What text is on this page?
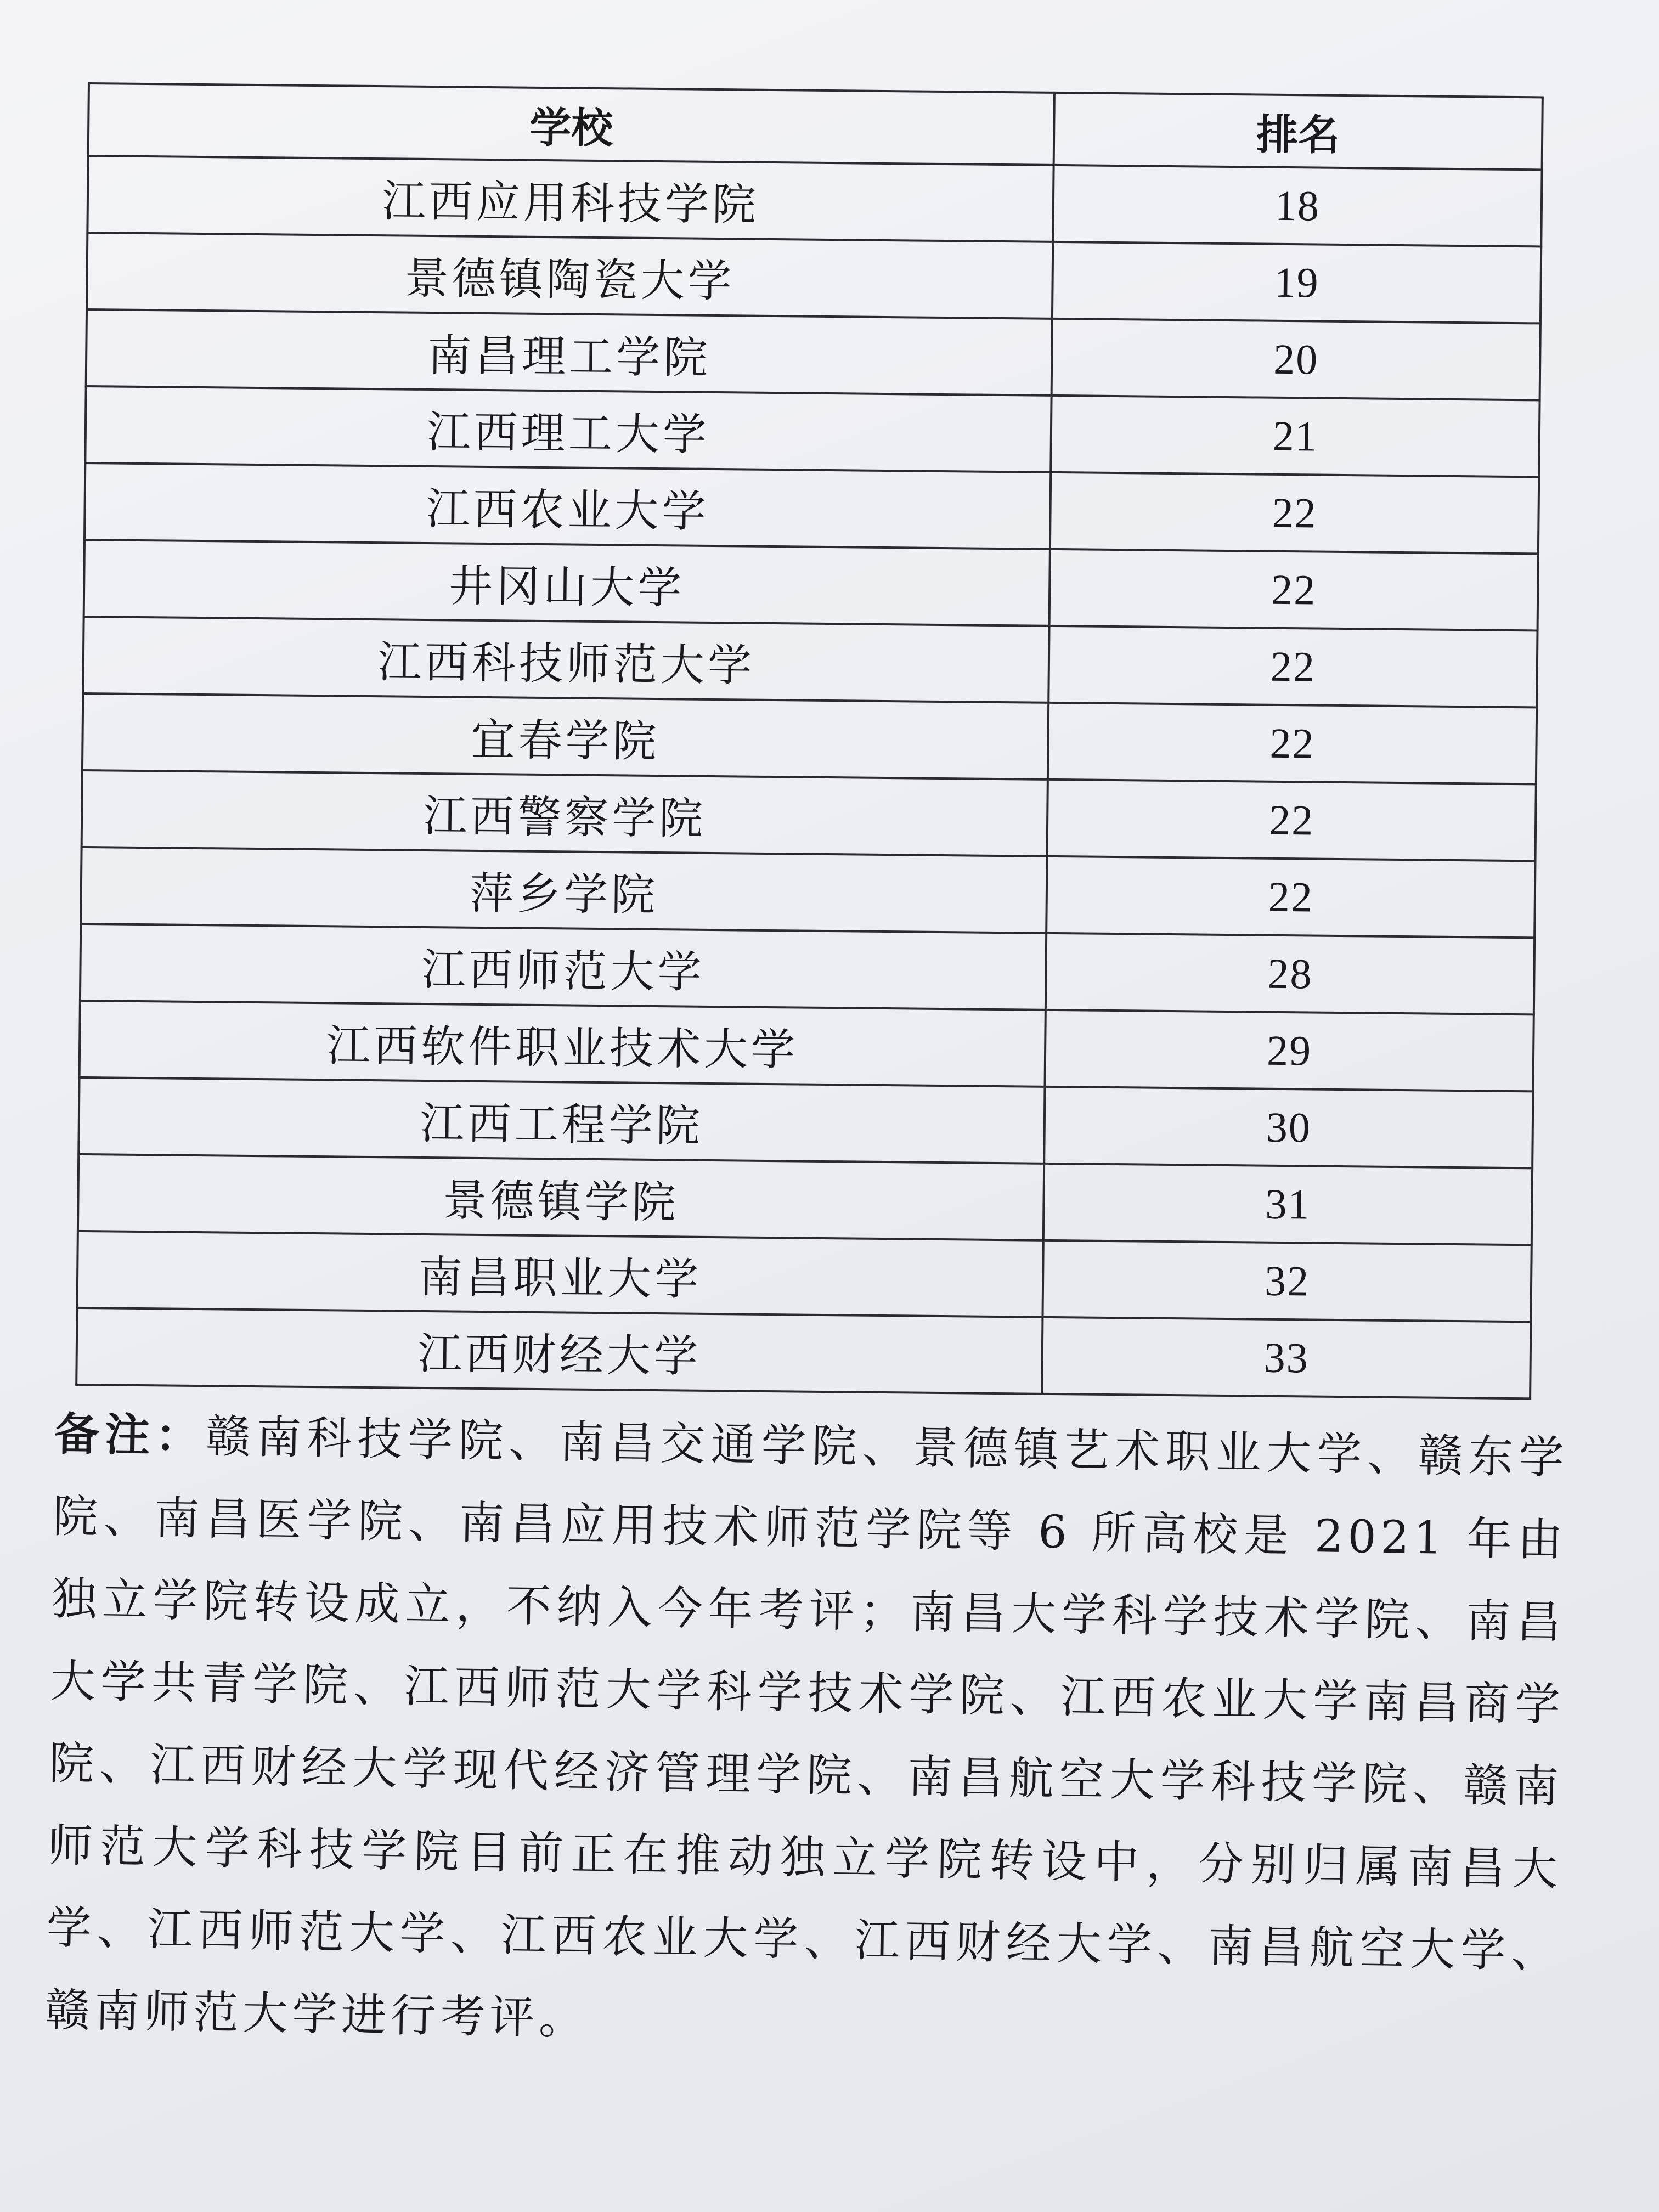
学校	排名
江西应用科技学院	18
景德镇陶瓷大学	19
南昌理工学院	20
江西理工大学	21
江西农业大学	22
井冈山大学	22
江西科技师范大学	22
宜春学院	22
江西警察学院	22
萍乡学院	22
江西师范大学	28
江西软件职业技术大学	29
江西工程学院	30
景德镇学院	31
南昌职业大学	32
江西财经大学	33
备注：赣南科技学院、南昌交通学院、景德镇艺术职业大学、赣东学院、南昌医学院、南昌应用技术师范学院等 6 所高校是 2021 年由独立学院转设成立，不纳入今年考评；南昌大学科学技术学院、南昌大学共青学院、江西师范大学科学技术学院、江西农业大学南昌商学院、江西财经大学现代经济管理学院、南昌航空大学科技学院、赣南师范大学科技学院目前正在推动独立学院转设中，分别归属南昌大学、江西师范大学、江西农业大学、江西财经大学、南昌航空大学、赣南师范大学进行考评。
